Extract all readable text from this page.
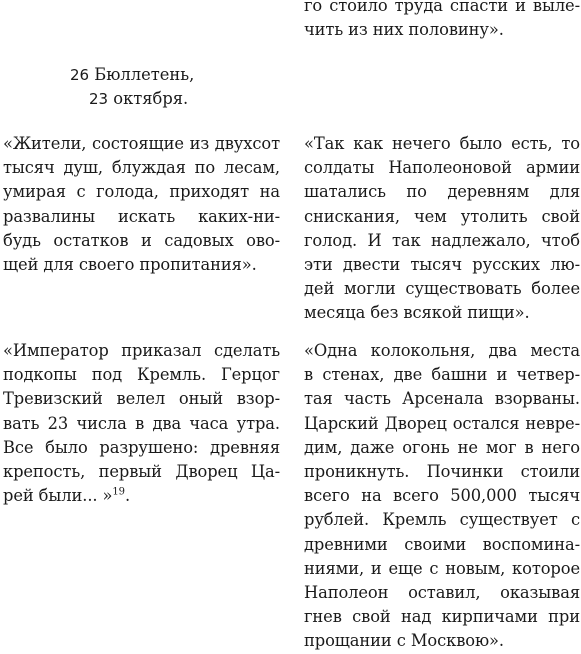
го стоило труда спасти и выле-
чить из них половину».

26 Бюллетень,
23 октября.

«Жители, состоящие из двухсот
тысяч душ, блуждая по лесам,
умирая с голода, приходят на
развалины искать каких-ни-
будь остатков и садовых ово-
щей для своего пропитания».

«Так как нечего было есть, то
солдаты Наполеоновой армии
шатались по деревням для
снискания, чем утолить свой
голод. И так надлежало, чтоб
эти двести тысяч русских лю-
дей могли существовать более
месяца без всякой пищи».

«Император приказал сделать
подкопы под Кремль. Герцог
Тревизский велел оный взор-
вать 23 числа в два часа утра.
Все было разрушено: древняя
крепость, первый Дворец Ца-
рей были... »$^{19}$.

«Одна колокольня, два места
в стенах, две башни и четвер-
тая часть Арсенала взорваны.
Царский Дворец остался невре-
дим, даже огонь не мог в него
проникнуть. Починки стоили
всего на всего 500,000 тысяч
рублей. Кремль существует с
древними своими воспомина-
ниями, и еще с новым, которое
Наполеон оставил, оказывая
гнев свой над кирпичами при
прощании с Москвою».
